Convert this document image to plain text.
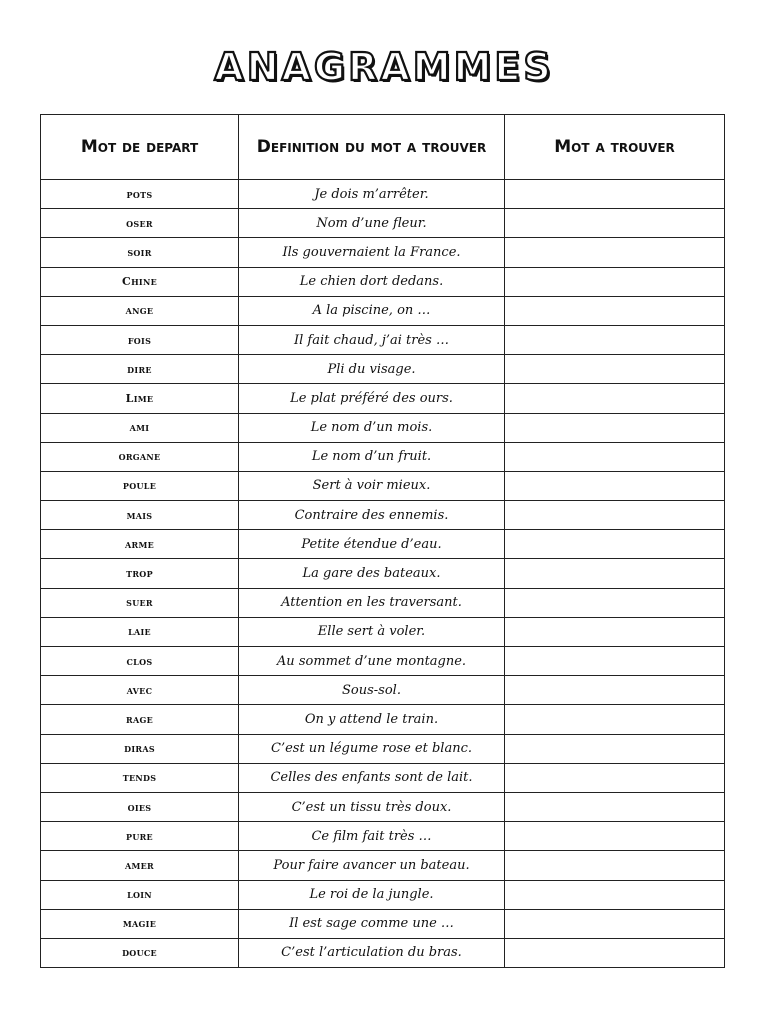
ANAGRAMMES
Mot de depart	Definition du mot a trouver	Mot a trouver
pots	Je dois m’arrêter.	
oser	Nom d’une fleur.	
soir	Ils gouvernaient la France.	
Chine	Le chien dort dedans.	
ange	A la piscine, on …	
fois	Il fait chaud, j’ai très …	
dire	Pli du visage.	
Lime	Le plat préféré des ours.	
ami	Le nom d’un mois.	
organe	Le nom d’un fruit.	
poule	Sert à voir mieux.	
mais	Contraire des ennemis.	
arme	Petite étendue d’eau.	
trop	La gare des bateaux.	
suer	Attention en les traversant.	
laie	Elle sert à voler.	
clos	Au sommet d’une montagne.	
avec	Sous-sol.	
rage	On y attend le train.	
diras	C’est un légume rose et blanc.	
tends	Celles des enfants sont de lait.	
oies	C’est un tissu très doux.	
pure	Ce film fait très …	
amer	Pour faire avancer un bateau.	
loin	Le roi de la jungle.	
magie	Il est sage comme une …	
douce	C’est l’articulation du bras.	
